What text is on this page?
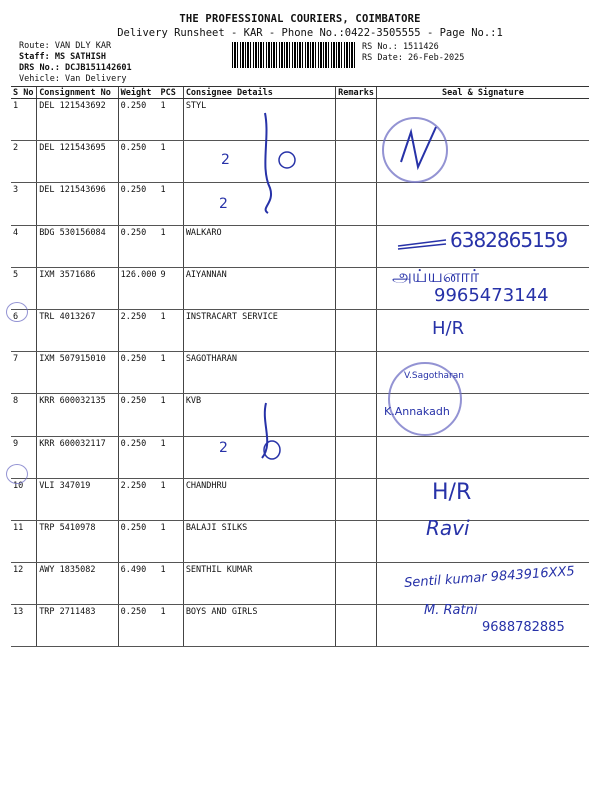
THE PROFESSIONAL COURIERS, COIMBATORE
Delivery Runsheet - KAR - Phone No.:0422-3505555 - Page No.:1
Route: VAN DLY KAR
Staff: MS SATHISH
DRS No.: DCJB151142601
Vehicle: Van Delivery
RS No.: 1511426
RS Date: 26-Feb-2025
S No	Consignment No	Weight	PCS	Consignee Details	Remarks	Seal & Signature
1	DEL 121543692	0.250	1	STYL		
2	DEL 121543695	0.250	1			
3	DEL 121543696	0.250	1			
4	BDG 530156084	0.250	1	WALKARO		
5	IXM 3571686	126.000	9	AIYANNAN		
6	TRL 4013267	2.250	1	INSTRACART SERVICE		
7	IXM 507915010	0.250	1	SAGOTHARAN		
8	KRR 600032135	0.250	1	KVB		
9	KRR 600032117	0.250	1			
10	VLI 347019	2.250	1	CHANDHRU		
11	TRP 5410978	0.250	1	BALAJI SILKS		
12	AWY 1835082	6.490	1	SENTHIL KUMAR		
13	TRP 2711483	0.250	1	BOYS AND GIRLS		
2
2
6382865159
அய்யனார்
9965473144
H/R
V.Sagotharan
K.Annakadh
2
H/R
Ravi
Sentil kumar 9843916XX5
M. Ratni
9688782885
